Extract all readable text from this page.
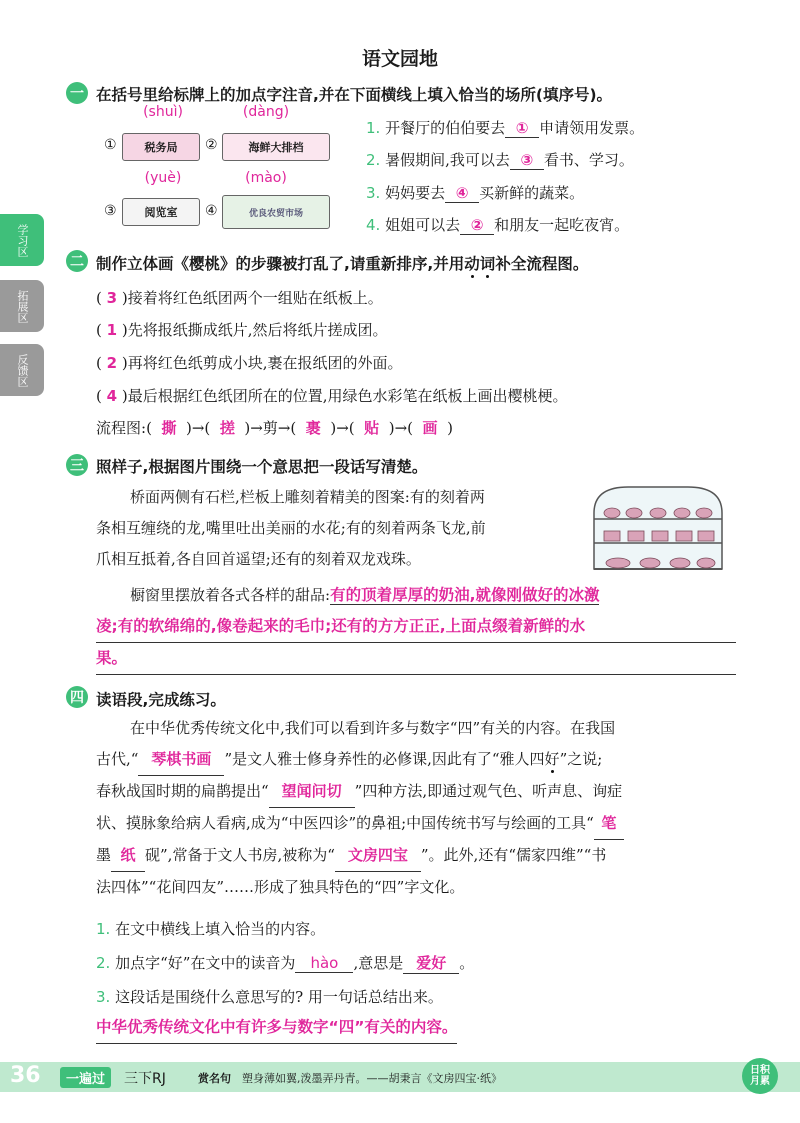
语文园地
学习区
拓展区
反馈区
一 在括号里给标牌上的加点字注音,并在下面横线上填入恰当的场所(填序号)。
(shuì)	(dàng)
(yuè)	(mào)
①	税务局 ②	海鲜大排档
③	阅览室 ④	优良农贸市场
1. 开餐厅的伯伯要去 ① 申请领用发票。
2. 暑假期间,我可以去 ③ 看书、学习。
3. 妈妈要去 ④ 买新鲜的蔬菜。
4. 姐姐可以去 ② 和朋友一起吃夜宵。
二 制作立体画《樱桃》的步骤被打乱了,请重新排序,并用动词补全流程图。
( 3 )接着将红色纸团两个一组贴在纸板上。
( 1 )先将报纸撕成纸片,然后将纸片搓成团。
( 2 )再将红色纸剪成小块,裹在报纸团的外面。
( 4 )最后根据红色纸团所在的位置,用绿色水彩笔在纸板上画出樱桃梗。
流程图:(  撕  )→(  搓  )→剪→(  裹  )→(  贴  )→(  画  )
三 照样子,根据图片围绕一个意思把一段话写清楚。
桥面两侧有石栏,栏板上雕刻着精美的图案:有的刻着两
条相互缠绕的龙,嘴里吐出美丽的水花;有的刻着两条飞龙,前
爪相互抵着,各自回首遥望;还有的刻着双龙戏珠。
橱窗里摆放着各式各样的甜品:有的顶着厚厚的奶油,就像刚做好的冰激
凌;有的软绵绵的,像卷起来的毛巾;还有的方方正正,上面点缀着新鲜的水
果。
四 读语段,完成练习。
在中华优秀传统文化中,我们可以看到许多与数字“四”有关的内容。在我国
古代,“ 琴棋书画 ”是文人雅士修身养性的必修课,因此有了“雅人四好”之说;
春秋战国时期的扁鹊提出“ 望闻问切 ”四种方法,即通过观气色、听声息、询症
状、摸脉象给病人看病,成为“中医四诊”的鼻祖;中国传统书写与绘画的工具“ 笔
墨 纸 砚”,常备于文人书房,被称为“ 文房四宝 ”。此外,还有“儒家四维”“书
法四体”“花间四友”……形成了独具特色的“四”字文化。
1. 在文中横线上填入恰当的内容。
2. 加点字“好”在文中的读音为 hào ,意思是 爱好 。
3. 这段话是围绕什么意思写的? 用一句话总结出来。
中华优秀传统文化中有许多与数字“四”有关的内容。
36	一遍过	三下RJ	赏名句 塑身薄如翼,泼墨弄丹青。——胡秉言《文房四宝·纸》
日积月累
